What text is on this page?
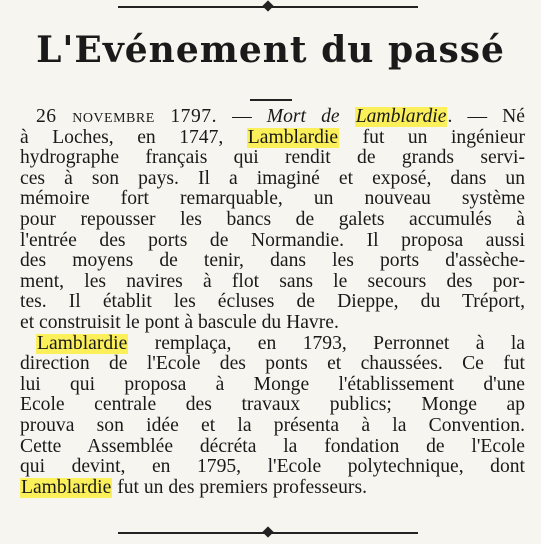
L'Evénement du passé
26 novembre 1797. — Mort de Lamblardie. — Né
à Loches, en 1747, Lamblardie fut un ingénieur
hydrographe français qui rendit de grands servi-
ces à son pays. Il a imaginé et exposé, dans un
mémoire fort remarquable, un nouveau système
pour repousser les bancs de galets accumulés à
l'entrée des ports de Normandie. Il proposa aussi
des moyens de tenir, dans les ports d'assèche-
ment, les navires à flot sans le secours des por-
tes. Il établit les écluses de Dieppe, du Tréport,
et construisit le pont à bascule du Havre.
Lamblardie remplaça, en 1793, Perronnet à la
direction de l'Ecole des ponts et chaussées. Ce fut
lui qui proposa à Monge l'établissement d'une
Ecole centrale des travaux publics; Monge ap
prouva son idée et la présenta à la Convention.
Cette Assemblée décréta la fondation de l'Ecole
qui devint, en 1795, l'Ecole polytechnique, dont
Lamblardie fut un des premiers professeurs.
